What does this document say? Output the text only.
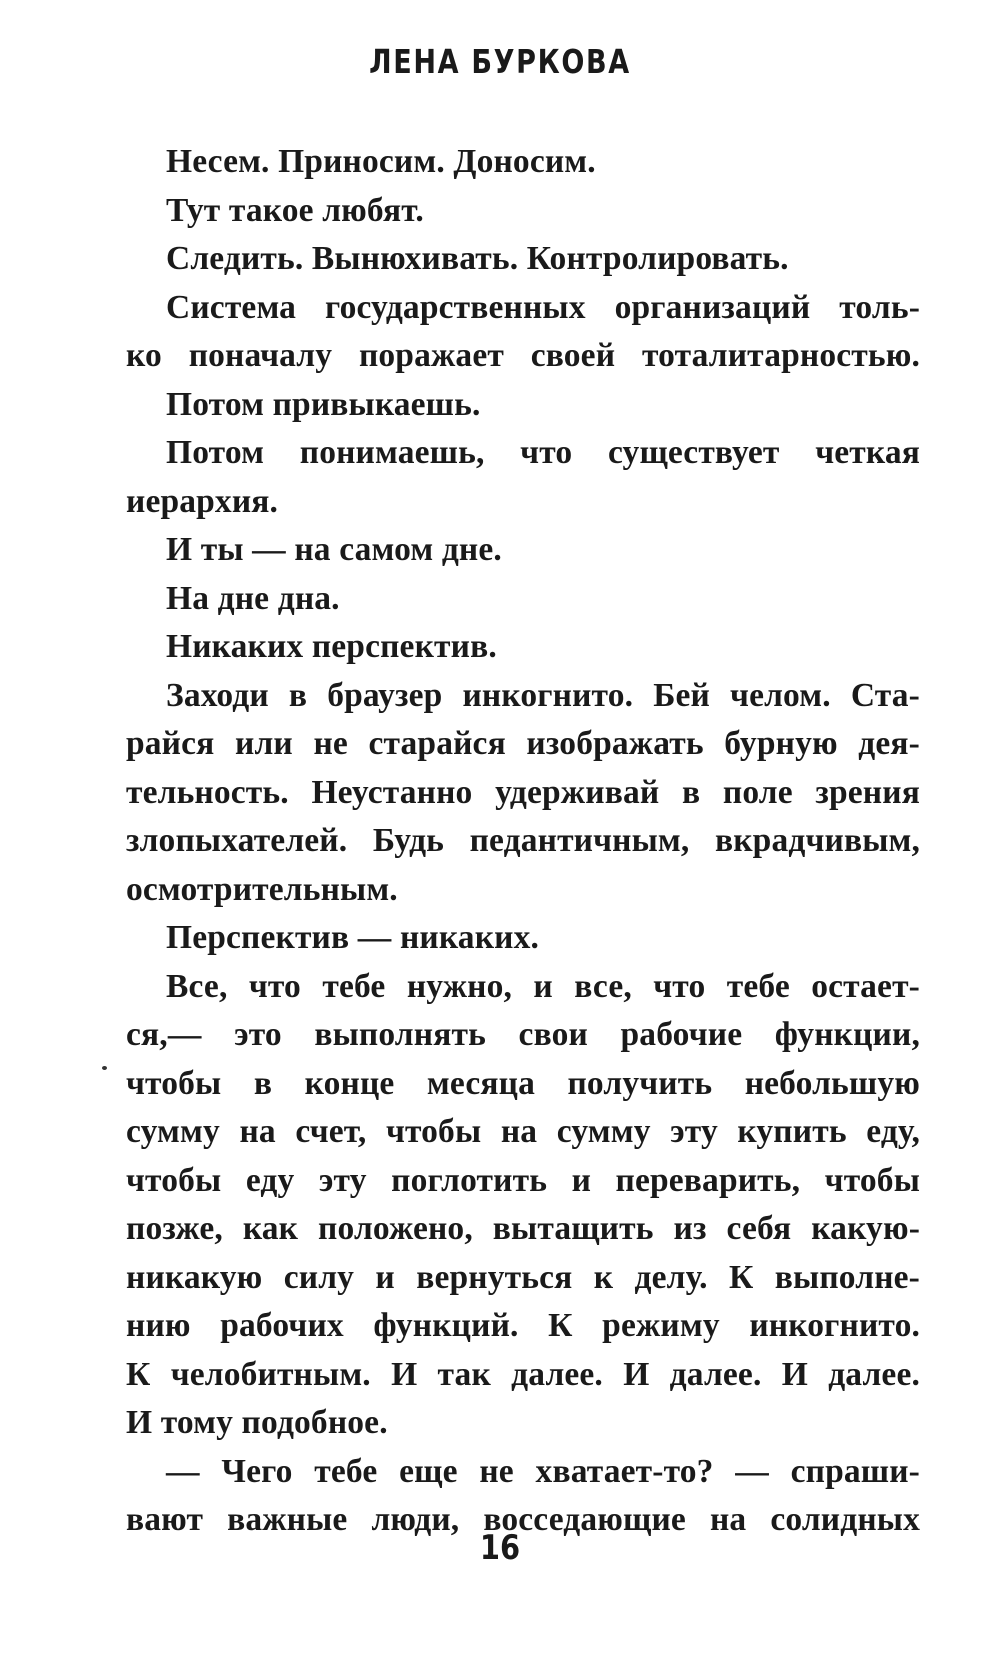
ЛЕНА БУРКОВА
Несем. Приносим. Доносим.
Тут такое любят.
Следить. Вынюхивать. Контролировать.
Система государственных организаций толь-
ко поначалу поражает своей тоталитарностью.
Потом привыкаешь.
Потом понимаешь, что существует четкая
иерархия.
И ты — на самом дне.
На дне дна.
Никаких перспектив.
Заходи в браузер инкогнито. Бей челом. Ста-
райся или не старайся изображать бурную дея-
тельность. Неустанно удерживай в поле зрения
злопыхателей. Будь педантичным, вкрадчивым,
осмотрительным.
Перспектив — никаких.
Все, что тебе нужно, и все, что тебе остает-
ся,— это выполнять свои рабочие функции,
чтобы в конце месяца получить небольшую
сумму на счет, чтобы на сумму эту купить еду,
чтобы еду эту поглотить и переварить, чтобы
позже, как положено, вытащить из себя какую-
никакую силу и вернуться к делу. К выполне-
нию рабочих функций. К режиму инкогнито.
К челобитным. И так далее. И далее. И далее.
И тому подобное.
— Чего тебе еще не хватает-то? — спраши-
вают важные люди, восседающие на солидных
16
